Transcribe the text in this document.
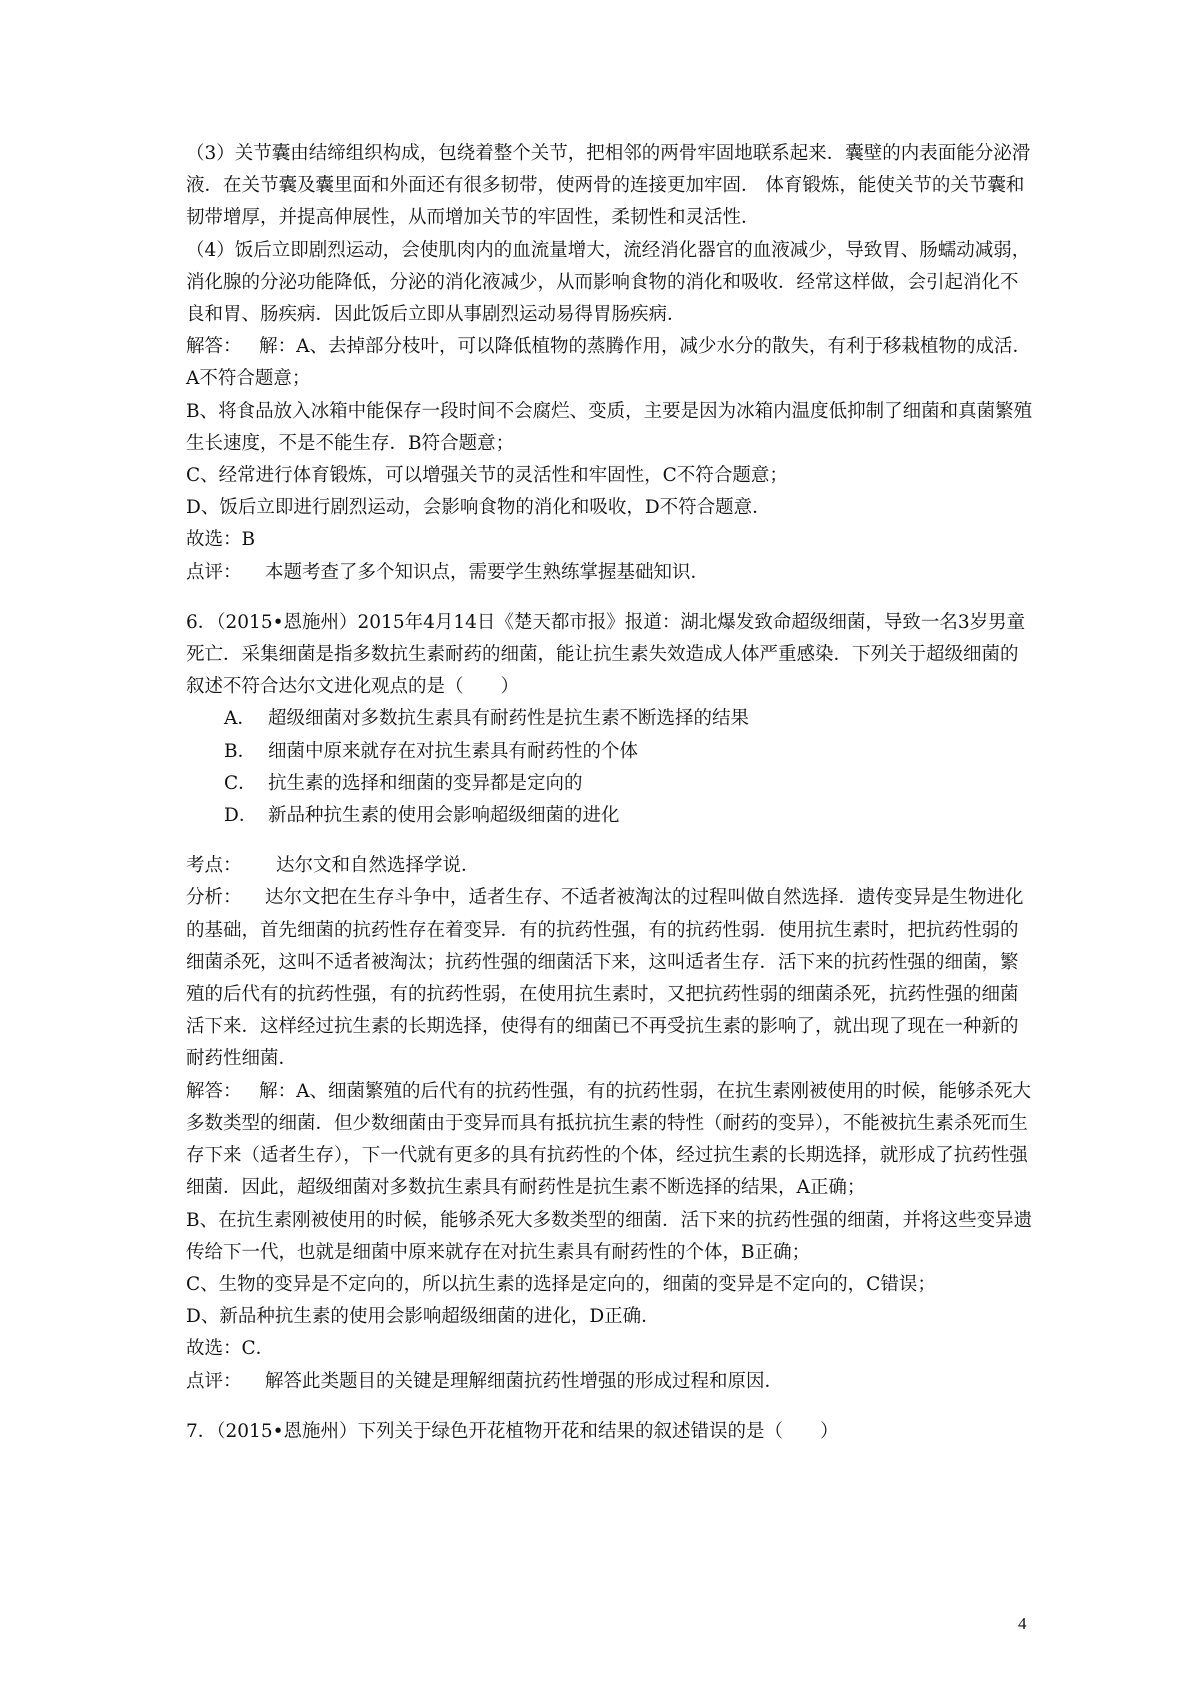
（3）关节囊由结缔组织构成，包绕着整个关节，把相邻的两骨牢固地联系起来．囊壁的内表面能分泌滑液．在关节囊及囊里面和外面还有很多韧带，使两骨的连接更加牢固． 体育锻炼，能使关节的关节囊和韧带增厚，并提高伸展性，从而增加关节的牢固性，柔韧性和灵活性．

（4）饭后立即剧烈运动，会使肌肉内的血流量增大，流经消化器官的血液减少，导致胃、肠蠕动减弱，消化腺的分泌功能降低，分泌的消化液减少，从而影响食物的消化和吸收．经常这样做，会引起消化不良和胃、肠疾病．因此饭后立即从事剧烈运动易得胃肠疾病．

解答： 解：A、去掉部分枝叶，可以降低植物的蒸腾作用，减少水分的散失，有利于移栽植物的成活．A不符合题意；

B、将食品放入冰箱中能保存一段时间不会腐烂、变质，主要是因为冰箱内温度低抑制了细菌和真菌繁殖生长速度，不是不能生存．B符合题意；

C、经常进行体育锻炼，可以增强关节的灵活性和牢固性，C不符合题意；

D、饭后立即进行剧烈运动，会影响食物的消化和吸收，D不符合题意．

故选：B

点评： 本题考查了多个知识点，需要学生熟练掌握基础知识．

6．（2015•恩施州）2015年4月14日《楚天都市报》报道：湖北爆发致命超级细菌，导致一名3岁男童死亡．采集细菌是指多数抗生素耐药的细菌，能让抗生素失效造成人体严重感染．下列关于超级细菌的叙述不符合达尔文进化观点的是（　　）

A． 超级细菌对多数抗生素具有耐药性是抗生素不断选择的结果
B． 细菌中原来就存在对抗生素具有耐药性的个体
C． 抗生素的选择和细菌的变异都是定向的
D． 新品种抗生素的使用会影响超级细菌的进化

考点： 达尔文和自然选择学说．

分析： 达尔文把在生存斗争中，适者生存、不适者被淘汰的过程叫做自然选择．遗传变异是生物进化的基础，首先细菌的抗药性存在着变异．有的抗药性强，有的抗药性弱．使用抗生素时，把抗药性弱的细菌杀死，这叫不适者被淘汰；抗药性强的细菌活下来，这叫适者生存．活下来的抗药性强的细菌，繁殖的后代有的抗药性强，有的抗药性弱，在使用抗生素时，又把抗药性弱的细菌杀死，抗药性强的细菌活下来．这样经过抗生素的长期选择，使得有的细菌已不再受抗生素的影响了，就出现了现在一种新的耐药性细菌．

解答： 解：A、细菌繁殖的后代有的抗药性强，有的抗药性弱，在抗生素刚被使用的时候，能够杀死大多数类型的细菌．但少数细菌由于变异而具有抵抗抗生素的特性（耐药的变异），不能被抗生素杀死而生存下来（适者生存），下一代就有更多的具有抗药性的个体，经过抗生素的长期选择，就形成了抗药性强细菌．因此，超级细菌对多数抗生素具有耐药性是抗生素不断选择的结果，A正确；

B、在抗生素刚被使用的时候，能够杀死大多数类型的细菌．活下来的抗药性强的细菌，并将这些变异遗传给下一代，也就是细菌中原来就存在对抗生素具有耐药性的个体，B正确；

C、生物的变异是不定向的，所以抗生素的选择是定向的，细菌的变异是不定向的，C错误；

D、新品种抗生素的使用会影响超级细菌的进化，D正确．

故选：C．

点评： 解答此类题目的关键是理解细菌抗药性增强的形成过程和原因．

7．（2015•恩施州）下列关于绿色开花植物开花和结果的叙述错误的是（　　）

4
